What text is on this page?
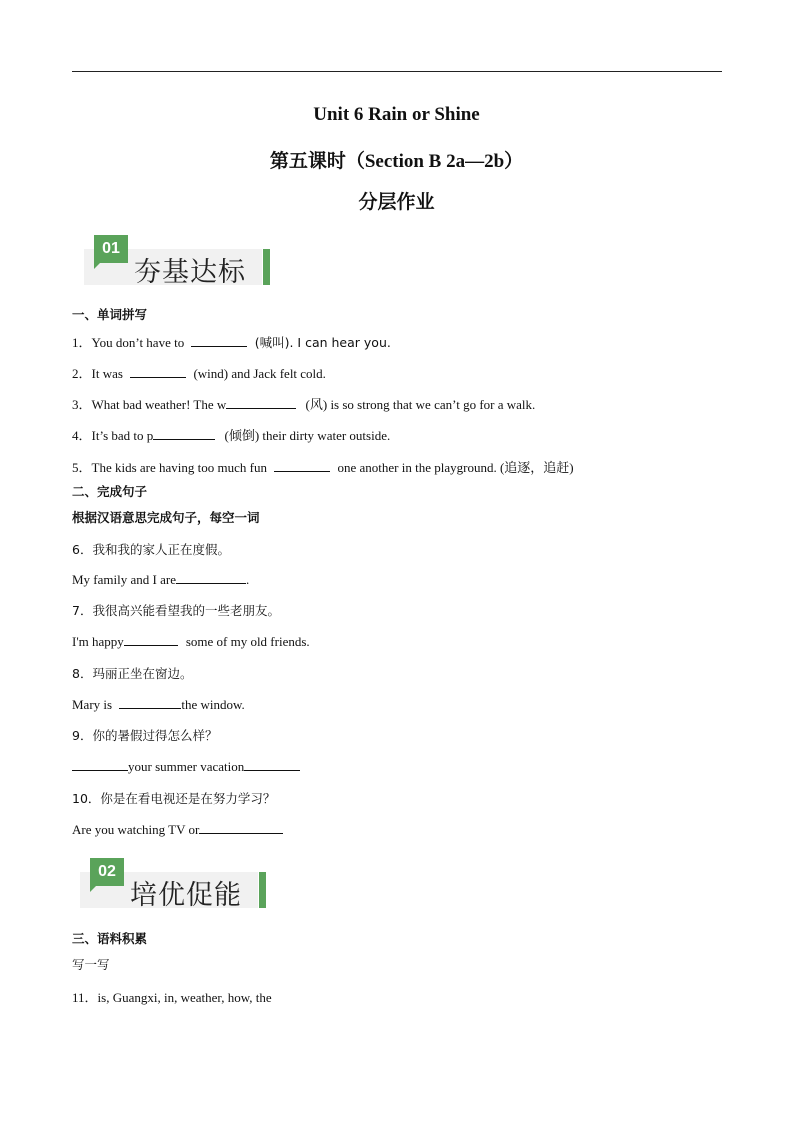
Unit 6 Rain or Shine
第五课时（Section B 2a—2b）
分层作业
01
夯基达标
一、单词拼写
1．You don’t have to	(喊叫). I can hear you.
2．It was	(wind) and Jack felt cold.
3．What bad weather! The w	(风) is so strong that we can’t go for a walk.
4．It’s bad to p	(倾倒) their dirty water outside.
5．The kids are having too much fun	one another in the playground. (追逐，追赶)
二、完成句子
根据汉语意思完成句子，每空一词
6．我和我的家人正在度假。
My family and I are	.
7．我很高兴能看望我的一些老朋友。
I'm happy	some of my old friends.
8．玛丽正坐在窗边。
Mary is	the window.
9．你的暑假过得怎么样？
your summer vacation
10．你是在看电视还是在努力学习？
Are you watching TV or
02
培优促能
三、语料积累
写一写
11．is, Guangxi, in, weather, how, the
